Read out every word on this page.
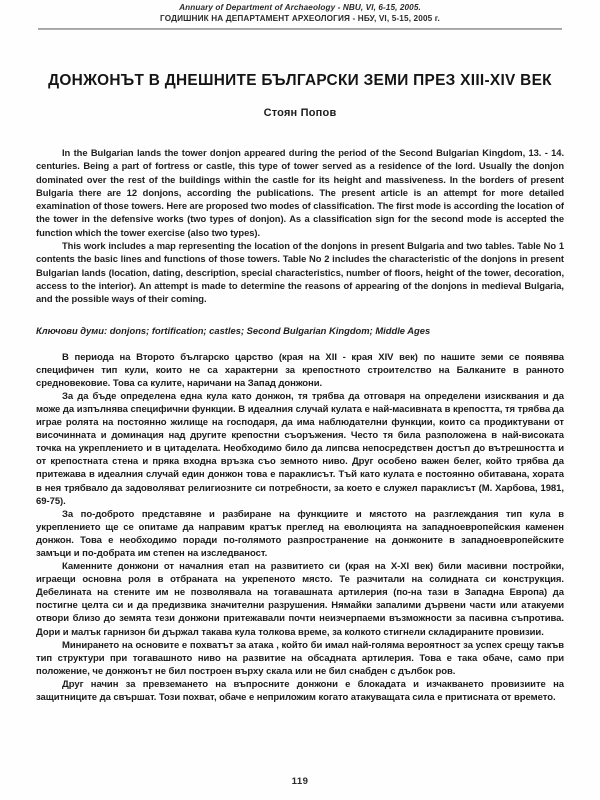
Annuary of Department of Archaeology - NBU, VI, 6-15, 2005.
ГОДИШНИК НА ДЕПАРТАМЕНТ АРХЕОЛОГИЯ - НБУ, VI, 5-15, 2005 г.
ДОНЖОНЪТ В ДНЕШНИТЕ БЪЛГАРСКИ ЗЕМИ ПРЕЗ XIII-XIV ВЕК
Стоян Попов

In the Bulgarian lands the tower donjon appeared during the period of the Second Bulgarian Kingdom, 13. - 14. centuries. Being a part of fortress or castle, this type of tower served as a residence of the lord. Usually the donjon dominated over the rest of the buildings within the castle for its height and massiveness. In the borders of present Bulgaria there are 12 donjons, according the publications. The present article is an attempt for more detailed examination of those towers. Here are proposed two modes of classification. The first mode is according the location of the tower in the defensive works (two types of donjon). As a classification sign for the second mode is accepted the function which the tower exercise (also two types).

This work includes a map representing the location of the donjons in present Bulgaria and two tables. Table No 1 contents the basic lines and functions of those towers. Table No 2 includes the characteristic of the donjons in present Bulgarian lands (location, dating, description, special characteristics, number of floors, height of the tower, decoration, access to the interior). An attempt is made to determine the reasons of appearing of the donjons in medieval Bulgaria, and the possible ways of their coming.

Ключови думи: donjons; fortification; castles; Second Bulgarian Kingdom; Middle Ages

В периода на Второто българско царство (края на XII - края XIV век) по нашите земи се появява специфичен тип кули, които не са характерни за крепостното строителство на Балканите в ранното средновековие. Това са кулите, наричани на Запад донжони.

За да бъде определена една кула като донжон, тя трябва да отговаря на определени изисквания и да може да изпълнява специфични функции. В идеалния случай кулата е най-масивната в крепостта, тя трябва да играе ролята на постоянно жилище на господаря, да има наблюдателни функции, които са продиктувани от височинната и доминация над другите крепостни съоръжения. Често тя била разположена в най-високата точка на укреплението и в цитаделата. Необходимо било да липсва непосредствен достъп до вътрешността и от крепостната стена и пряка входна връзка съо земното ниво. Друг особено важен белег, който трябва да притежава в идеалния случай един донжон това е параклисът. Тъй като кулата е постоянно обитавана, хората в нея трябвало да задоволяват религиозните си потребности, за което е служел параклисът (М. Харбова, 1981, 69-75).

За по-доброто представяне и разбиране на функциите и мястото на разглеждания тип кула в укреплението ще се опитаме да направим кратък преглед на еволюцията на западноевропейския каменен донжон. Това е необходимо поради по-голямото разпространение на донжоните в западноевропейските замъци и по-добрата им степен на изследваност.

Каменните донжони от началния етап на развитието си (края на X-XI век) били масивни постройки, играещи основна роля в отбраната на укрепеното място. Те разчитали на солидната си конструкция. Дебелината на стените им не позволявала на тогавашната артилерия (по-на тази в Западна Европа) да постигне целта си и да предизвика значителни разрушения. Нямайки запалими дървени части или атакуеми отвори близо до земята тези донжони притежавали почти неизчерпаеми възможности за пасивна съпротива. Дори и малък гарнизон би държал такава кула толкова време, за колкото стигнели складираните провизии.

Минирането на основите е похватът за атака , който би имал най-голяма вероятност за успех срещу такъв тип структури при тогавашното ниво на развитие на обсадната артилерия. Това е така обаче, само при положение, че донжонът не бил построен върху скала или не бил снабден с дълбок ров.

Друг начин за превземането на въпросните донжони е блокадата и изчакването провизиите на защитниците да свършат. Този похват, обаче е неприложим когато атакуващата сила е притисната от времето.

119
